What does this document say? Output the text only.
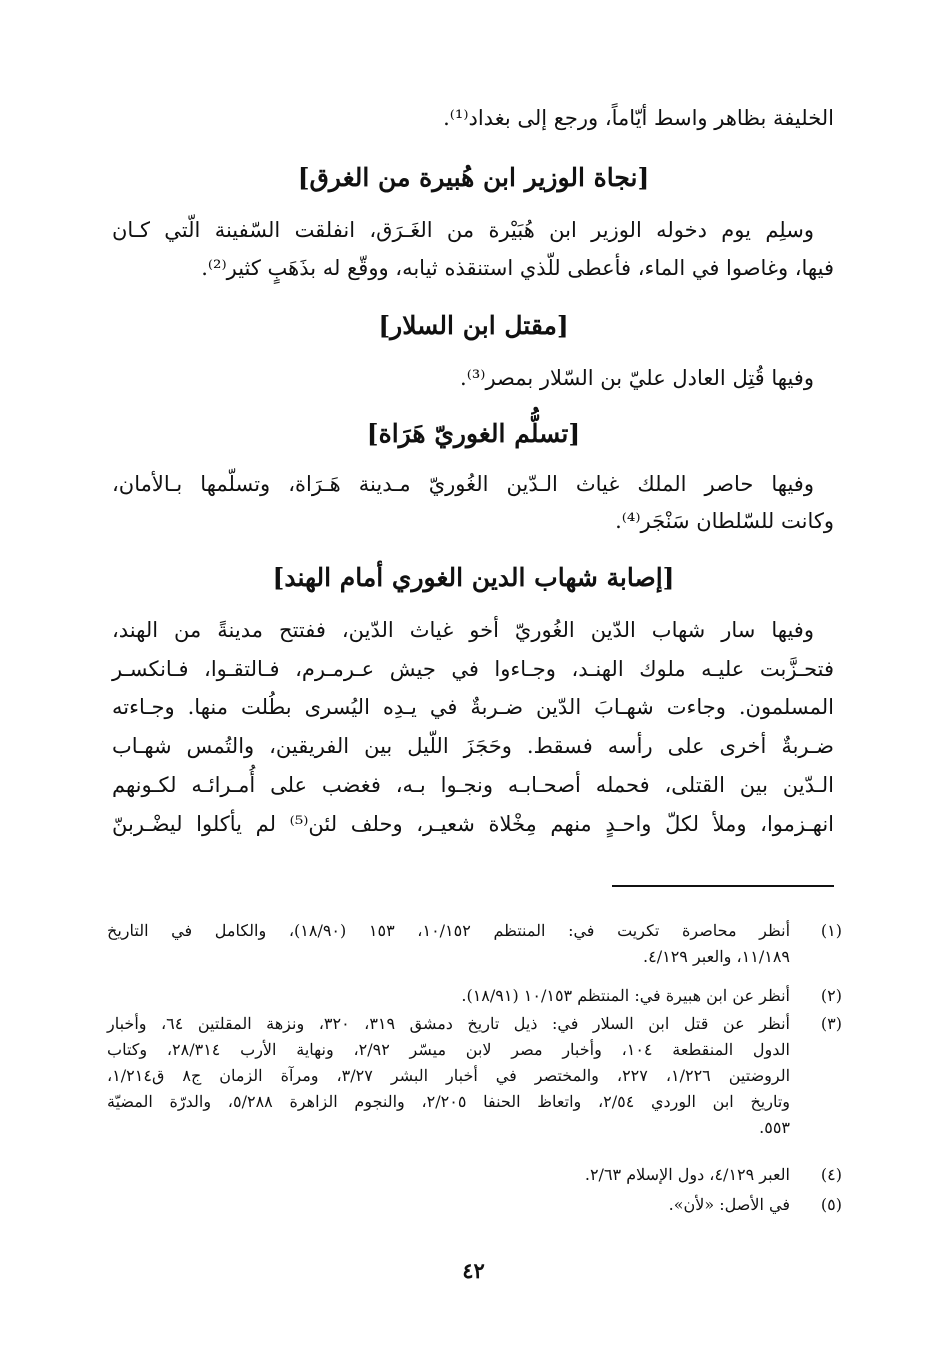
الخليفة بظاهر واسط أيّاماً، ورجع إلى بغداد⁽¹⁾.
[نجاة الوزير ابن هُبيرة من الغرق]
وسلِم يوم دخوله الوزير ابن هُبَيْرة من الغَـرَق، انفلقت السّفينة الّتي كـان
فيها، وغاصوا في الماء، فأعطى للّذي استنقذه ثيابه، ووقّع له بذَهَبٍ كثير⁽²⁾.
[مقتل ابن السلار]
وفيها قُتِل العادل عليّ بن السّلار بمصر⁽³⁾.
[تسلُّم الغوريّ هَرَاة]
وفيها حاصر الملك غياث الـدّين الغُوريّ مـدينة هَـرَاة، وتسلّمها بـالأمان،
وكانت للسّلطان سَنْجَر⁽⁴⁾.
[إصابة شهاب الدين الغوري أمام الهند]
وفيها سار شهاب الدّين الغُوريّ أخو غياث الدّين، ففتتح مدينةً من الهند،
فتحـزَّبت عليـه ملوك الهنـد، وجـاءوا في جيش عـرمـرم، فـالتقـوا، فـانكسـر
المسلمون. وجاءت شهـابَ الدّين ضـربةٌ في يـدِه اليُسرى بطُلت منها. وجـاءته
ضـربةٌ أخرى على رأسه فسقط. وحَجَزَ اللّيل بين الفريقين، والتُمس شهـاب
الـدّين بين القتلى، فحمله أصحـابـه ونجـوا بـه، فغضب على أُمـرائـه لكـونهم
انهـزموا، وملأ لكلّ واحـدٍ منهم مِخْلاة شعيـر، وحلف لئن⁽⁵⁾ لم يأكلوا ليضْـربنّ
(١)
أنظر محاصرة تكريت في: المنتظم ١٠/١٥٢، ١٥٣ (١٨/٩٠)، والكامل في التاريخ
١١/١٨٩، والعبر ٤/١٢٩.
(٢)
أنظر عن ابن هبيرة في: المنتظم ١٠/١٥٣ (١٨/٩١).
(٣)
أنظر عن قتل ابن السلار في: ذيل تاريخ دمشق ٣١٩، ٣٢٠، ونزهة المقلتين ٦٤، وأخبار
الدول المنقطعة ١٠٤، وأخبار مصر لابن ميسّر ٢/٩٢، ونهاية الأرب ٢٨/٣١٤، وكتاب
الروضتين ١/٢٢٦، ٢٢٧، والمختصر في أخبار البشر ٣/٢٧، ومرآة الزمان ج٨ ق١/٢١٤،
وتاريخ ابن الوردي ٢/٥٤، واتعاظ الحنفا ٢/٢٠٥، والنجوم الزاهرة ٥/٢٨٨، والدرّة المضيّة
٥٥٣.
(٤)
العبر ٤/١٢٩، دول الإسلام ٢/٦٣.
(٥)
في الأصل: «لأن».
٤٢
